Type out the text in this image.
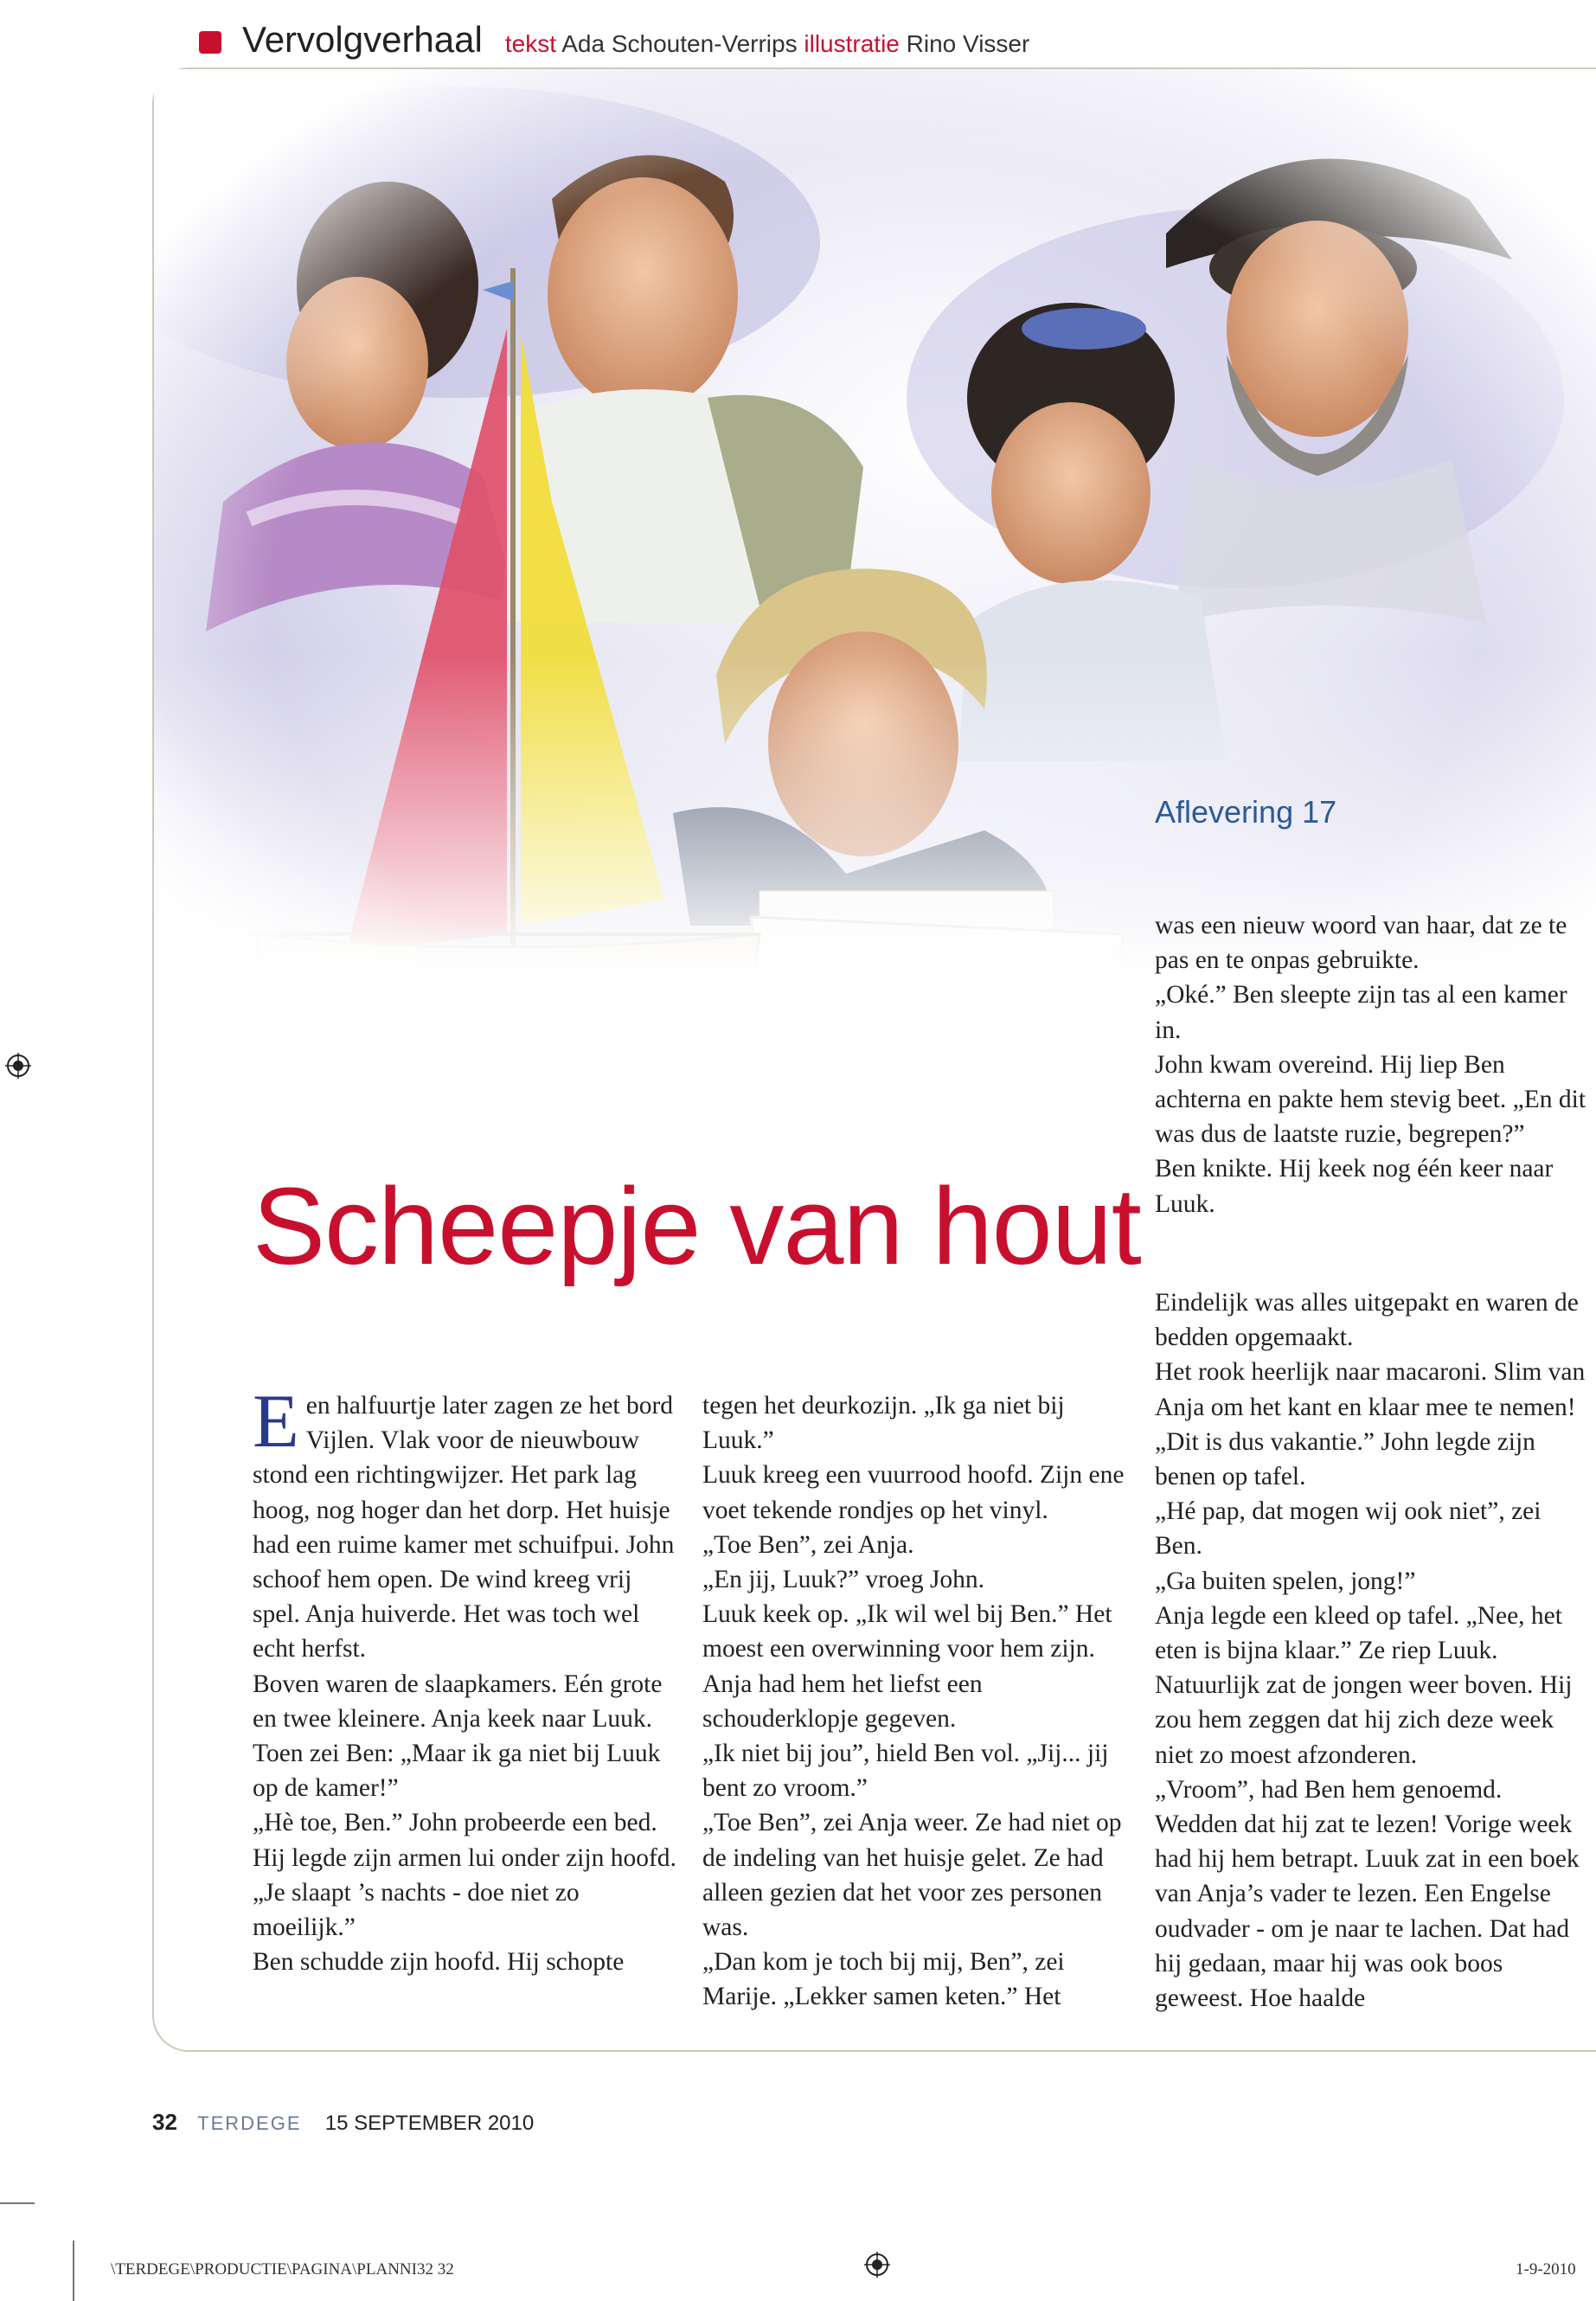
Vervolgverhaal tekst Ada Schouten-Verrips illustratie Rino Visser
Aflevering 17
Scheepje van hout

Een halfuurtje later zagen ze het bord Vijlen. Vlak voor de nieuwbouw stond een richtingwijzer. Het park lag hoog, nog hoger dan het dorp. Het huisje had een ruime kamer met schuifpui. John schoof hem open. De wind kreeg vrij spel. Anja huiverde. Het was toch wel echt herfst.

Boven waren de slaapkamers. Eén grote en twee kleinere. Anja keek naar Luuk.

Toen zei Ben: „Maar ik ga niet bij Luuk op de kamer!”

„Hè toe, Ben.” John probeerde een bed. Hij legde zijn armen lui onder zijn hoofd. „Je slaapt ’s nachts - doe niet zo moeilijk.”

Ben schudde zijn hoofd. Hij schopte

tegen het deurkozijn. „Ik ga niet bij Luuk.”

Luuk kreeg een vuurrood hoofd. Zijn ene voet tekende rondjes op het vinyl.

„Toe Ben”, zei Anja.

„En jij, Luuk?” vroeg John.

Luuk keek op. „Ik wil wel bij Ben.” Het moest een overwinning voor hem zijn. Anja had hem het liefst een schouderklopje gegeven.

„Ik niet bij jou”, hield Ben vol. „Jij... jij bent zo vroom.”

„Toe Ben”, zei Anja weer. Ze had niet op de indeling van het huisje gelet. Ze had alleen gezien dat het voor zes personen was.

„Dan kom je toch bij mij, Ben”, zei Marije. „Lekker samen keten.” Het

was een nieuw woord van haar, dat ze te pas en te onpas gebruikte.

„Oké.” Ben sleepte zijn tas al een kamer in.

John kwam overeind. Hij liep Ben achterna en pakte hem stevig beet. „En dit was dus de laatste ruzie, begrepen?”

Ben knikte. Hij keek nog één keer naar Luuk.

Eindelijk was alles uitgepakt en waren de bedden opgemaakt.

Het rook heerlijk naar macaroni. Slim van Anja om het kant en klaar mee te nemen!

„Dit is dus vakantie.” John legde zijn benen op tafel.

„Hé pap, dat mogen wij ook niet”, zei Ben.

„Ga buiten spelen, jong!”

Anja legde een kleed op tafel. „Nee, het eten is bijna klaar.” Ze riep Luuk. Natuurlijk zat de jongen weer boven. Hij zou hem zeggen dat hij zich deze week niet zo moest afzonderen.

„Vroom”, had Ben hem genoemd. Wedden dat hij zat te lezen! Vorige week had hij hem betrapt. Luuk zat in een boek van Anja’s vader te lezen. Een Engelse oudvader - om je naar te lachen. Dat had hij gedaan, maar hij was ook boos geweest. Hoe haalde

32 TERDEGE 15 SEPTEMBER 2010
\TERDEGE\PRODUCTIE\PAGINA\PLANNI32 32	1-9-2010
